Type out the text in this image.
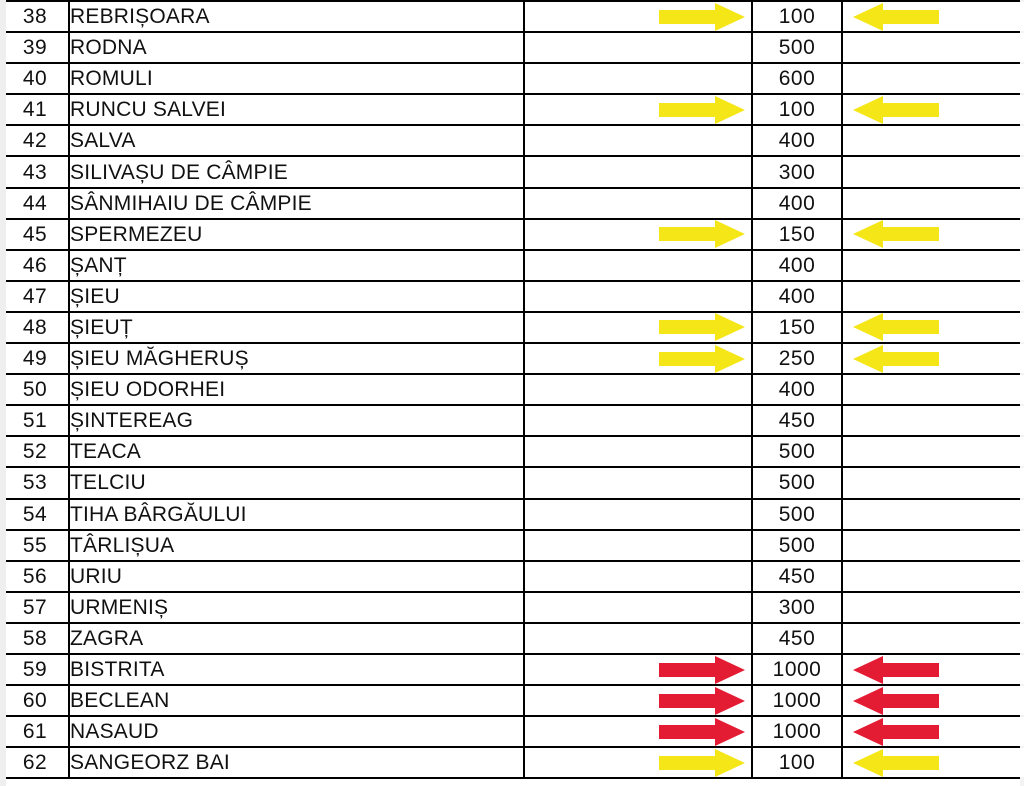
38	REBRIȘOARA		100	

39	RODNA		500	

40	ROMULI		600	

41	RUNCU SALVEI		100	

42	SALVA		400	

43	SILIVAȘU DE CÂMPIE		300	

44	SÂNMIHAIU DE CÂMPIE		400	

45	SPERMEZEU		150	

46	ȘANȚ		400	

47	ȘIEU		400	

48	ȘIEUȚ		150	

49	ȘIEU MĂGHERUȘ		250	

50	ȘIEU ODORHEI		400	

51	ȘINTEREAG		450	

52	TEACA		500	

53	TELCIU		500	

54	TIHA BÂRGĂULUI		500	

55	TÂRLIȘUA		500	

56	URIU		450	

57	URMENIȘ		300	

58	ZAGRA		450	

59	BISTRITA		1000	

60	BECLEAN		1000	

61	NASAUD		1000	

62	SANGEORZ BAI		100	
